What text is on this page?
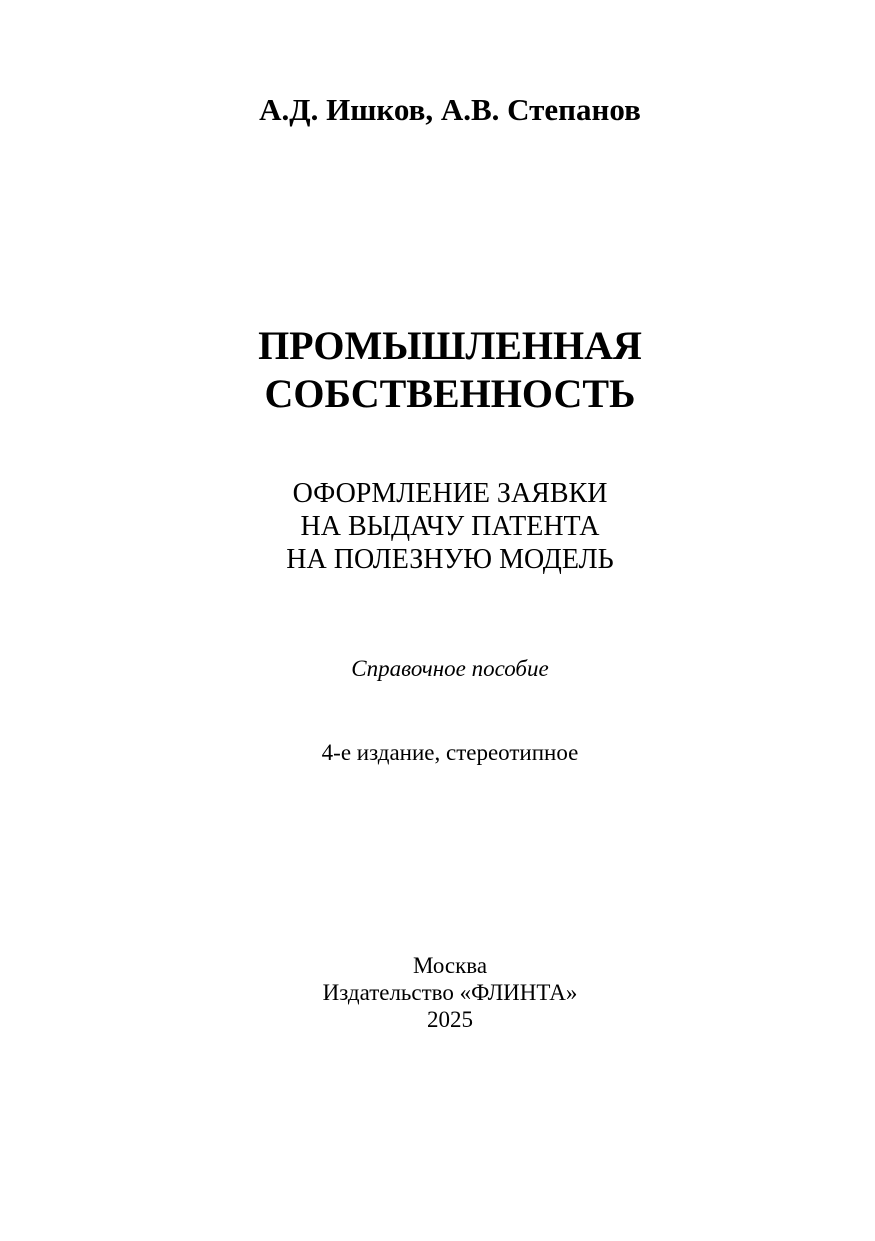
А.Д. Ишков, А.В. Степанов
ПРОМЫШЛЕННАЯ
СОБСТВЕННОСТЬ
ОФОРМЛЕНИЕ ЗАЯВКИ
НА ВЫДАЧУ ПАТЕНТА
НА ПОЛЕЗНУЮ МОДЕЛЬ
Справочное пособие
4-е издание, стереотипное
Москва
Издательство «ФЛИНТА»
2025
